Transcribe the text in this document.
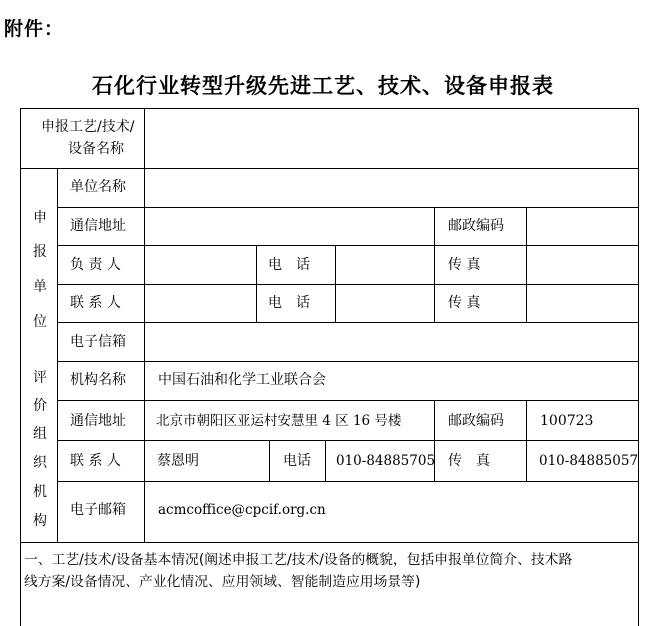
附件：
石化行业转型升级先进工艺、技术、设备申报表
申报工艺/技术/
设备名称
申
报
单
位
单位名称
通信地址	邮政编码
负 责 人	电　话	传 真
联 系 人	电　话	传 真
电子信箱
评
价
组
织
机
构
机构名称 中国石油和化学工业联合会
通信地址 北京市朝阳区亚运村安慧里 4 区 16 号楼	邮政编码	100723
联 系 人	蔡恩明	电话 010-84885705 传　真	010-84885057
电子邮箱 acmcoffice@cpcif.org.cn
一、工艺/技术/设备基本情况(阐述申报工艺/技术/设备的概貌，包括申报单位简介、技术路
线方案/设备情况、产业化情况、应用领域、智能制造应用场景等)
